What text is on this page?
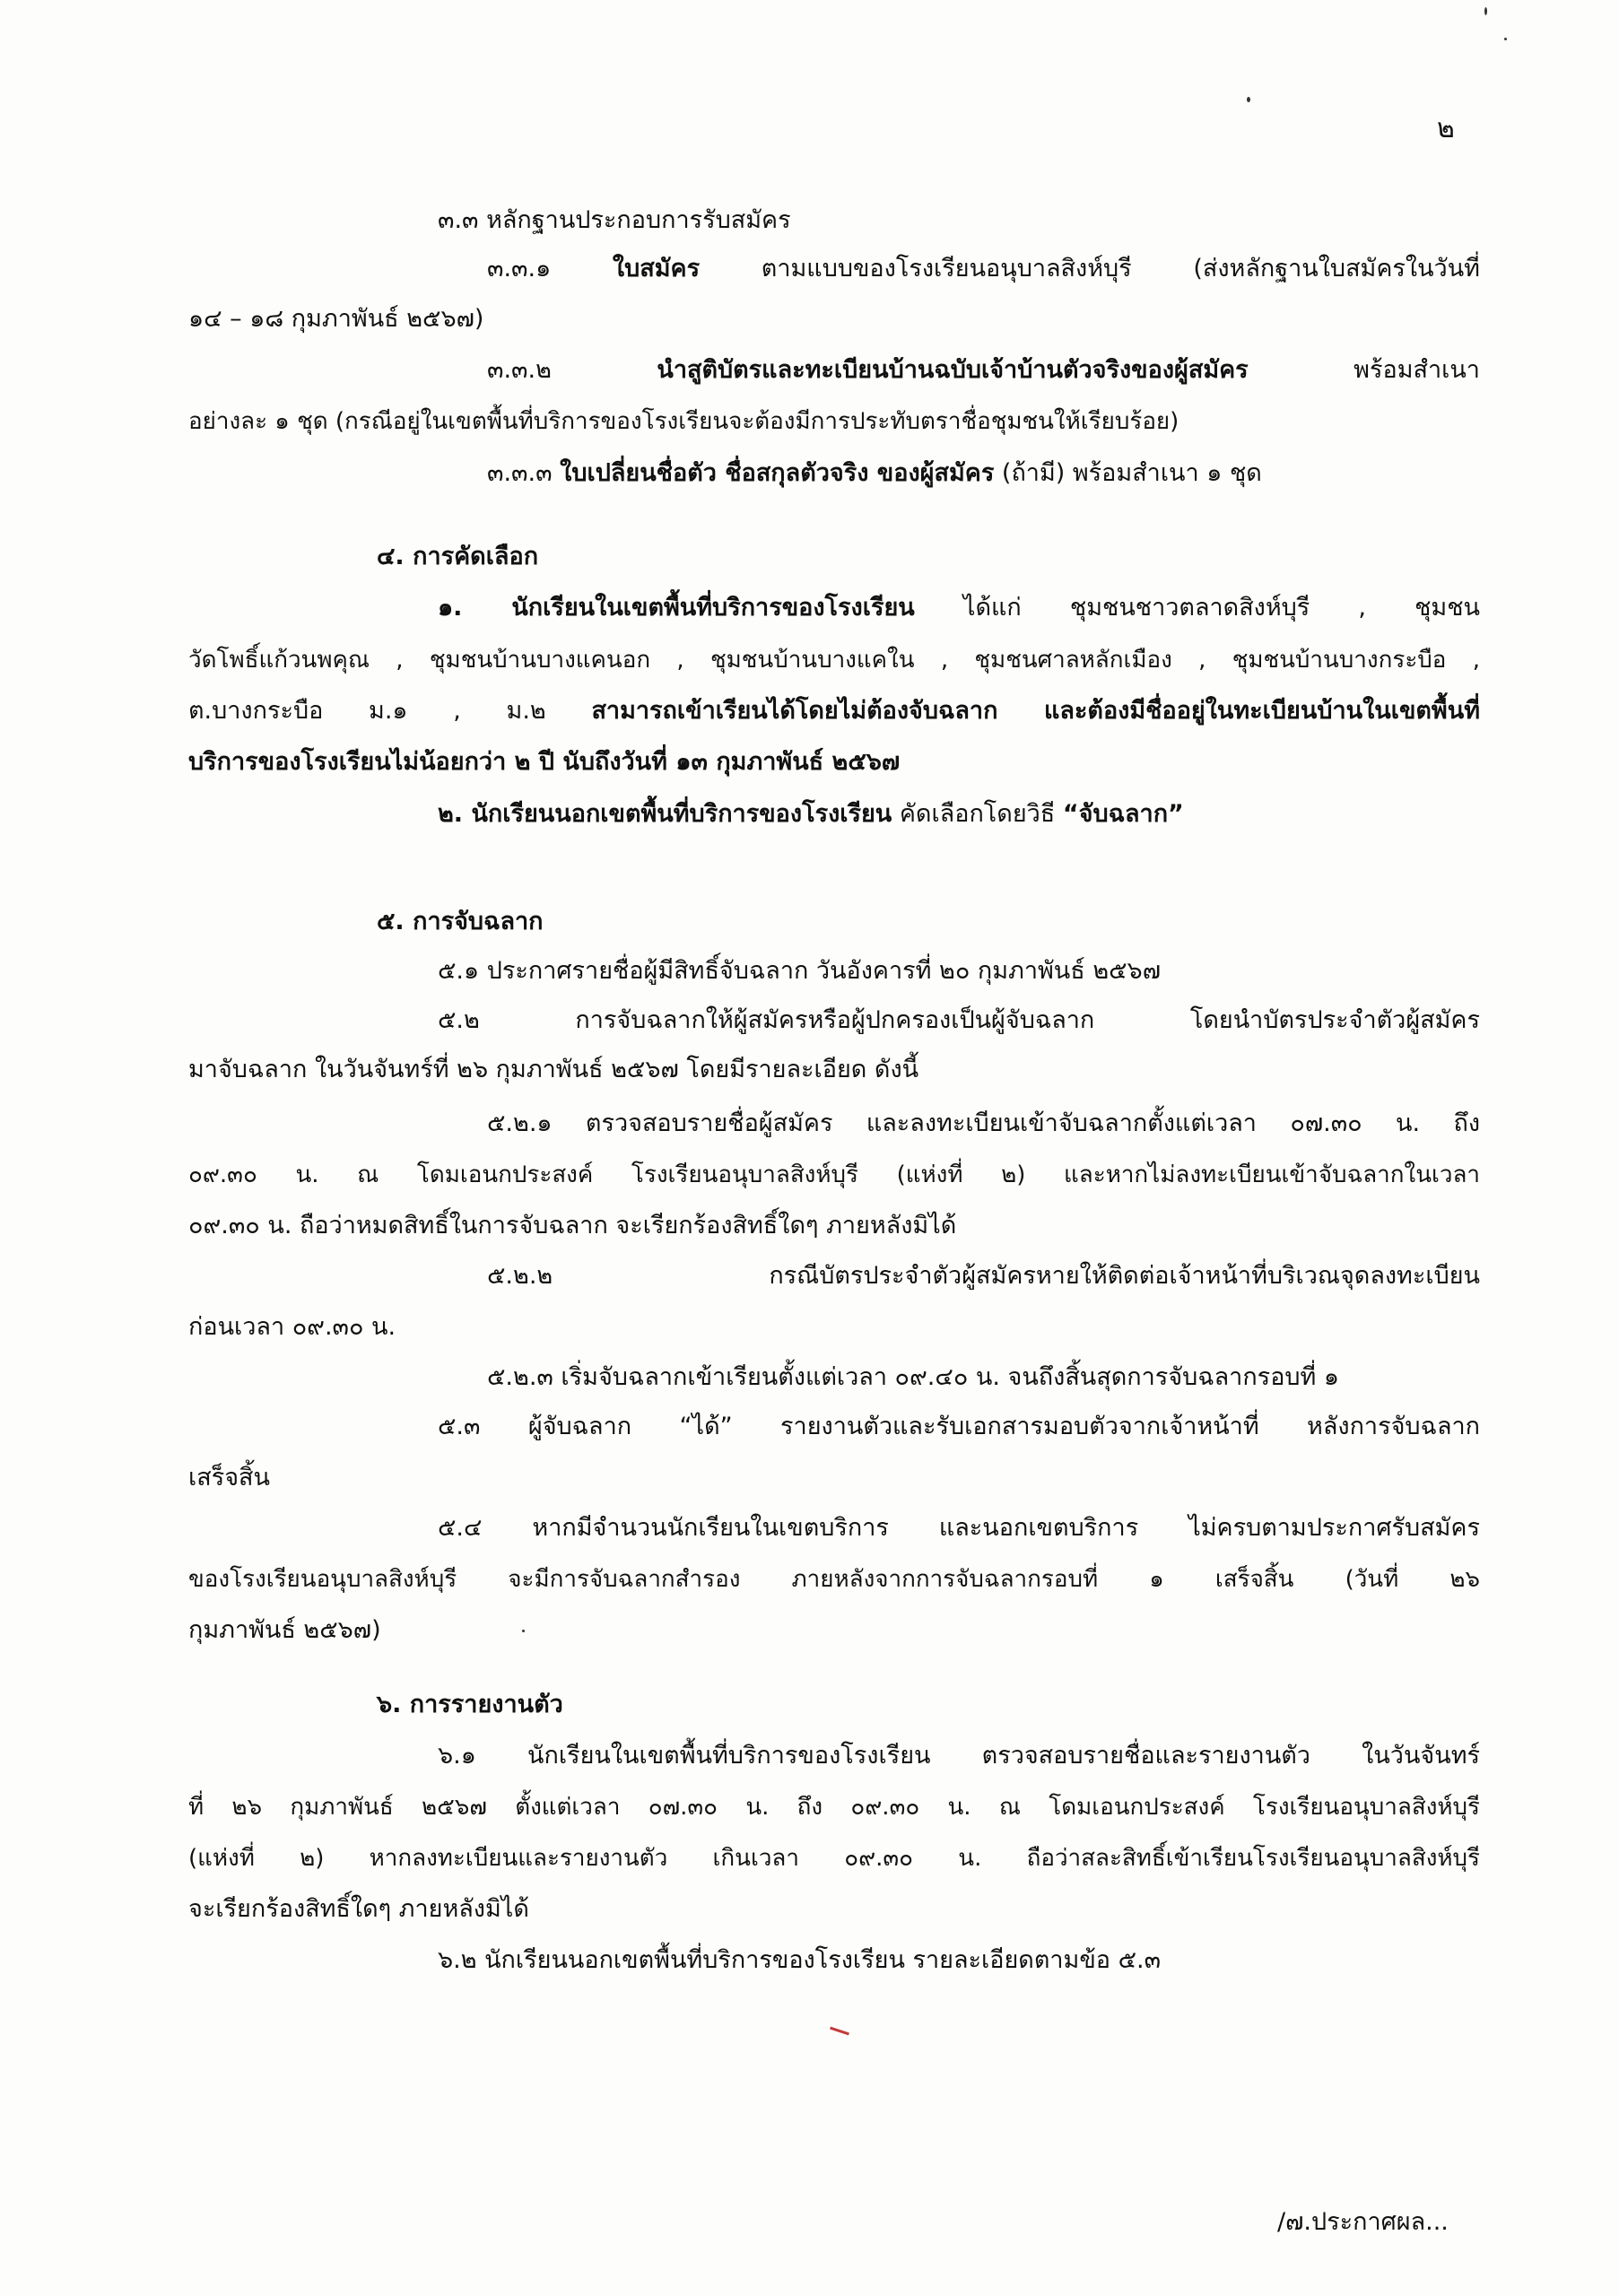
๒
๓.๓ หลักฐานประกอบการรับสมัคร
๓.๓.๑	ใบสมัคร	ตามแบบของโรงเรียนอนุบาลสิงห์บุรี (ส่งหลักฐานใบสมัครในวันที่
๑๔ – ๑๘ กุมภาพันธ์ ๒๕๖๗)
๓.๓.๒	นำสูติบัตรและทะเบียนบ้านฉบับเจ้าบ้านตัวจริงของผู้สมัคร	พร้อมสำเนา
อย่างละ ๑ ชุด (กรณีอยู่ในเขตพื้นที่บริการของโรงเรียนจะต้องมีการประทับตราชื่อชุมชนให้เรียบร้อย)
๓.๓.๓ ใบเปลี่ยนชื่อตัว ชื่อสกุลตัวจริง ของผู้สมัคร (ถ้ามี) พร้อมสำเนา ๑ ชุด
๔. การคัดเลือก
๑. นักเรียนในเขตพื้นที่บริการของโรงเรียน ได้แก่ ชุมชนชาวตลาดสิงห์บุรี , ชุมชน
วัดโพธิ์แก้วนพคุณ , ชุมชนบ้านบางแคนอก , ชุมชนบ้านบางแคใน , ชุมชนศาลหลักเมือง , ชุมชนบ้านบางกระบือ ,
ต.บางกระบือ ม.๑ , ม.๒ สามารถเข้าเรียนได้โดยไม่ต้องจับฉลาก และต้องมีชื่ออยู่ในทะเบียนบ้านในเขตพื้นที่
บริการของโรงเรียนไม่น้อยกว่า ๒ ปี นับถึงวันที่ ๑๓ กุมภาพันธ์ ๒๕๖๗
๒. นักเรียนนอกเขตพื้นที่บริการของโรงเรียน คัดเลือกโดยวิธี “จับฉลาก”
๕. การจับฉลาก
๕.๑ ประกาศรายชื่อผู้มีสิทธิ์จับฉลาก วันอังคารที่ ๒๐ กุมภาพันธ์ ๒๕๖๗
๕.๒ การจับฉลากให้ผู้สมัครหรือผู้ปกครองเป็นผู้จับฉลาก โดยนำบัตรประจำตัวผู้สมัคร
มาจับฉลาก ในวันจันทร์ที่ ๒๖ กุมภาพันธ์ ๒๕๖๗ โดยมีรายละเอียด ดังนี้
๕.๒.๑ ตรวจสอบรายชื่อผู้สมัคร และลงทะเบียนเข้าจับฉลากตั้งแต่เวลา ๐๗.๓๐ น. ถึง
๐๙.๓๐ น. ณ โดมเอนกประสงค์ โรงเรียนอนุบาลสิงห์บุรี (แห่งที่ ๒) และหากไม่ลงทะเบียนเข้าจับฉลากในเวลา
๐๙.๓๐ น. ถือว่าหมดสิทธิ์ในการจับฉลาก จะเรียกร้องสิทธิ์ใดๆ ภายหลังมิได้
๕.๒.๒ กรณีบัตรประจำตัวผู้สมัครหายให้ติดต่อเจ้าหน้าที่บริเวณจุดลงทะเบียน
ก่อนเวลา ๐๙.๓๐ น.
๕.๒.๓ เริ่มจับฉลากเข้าเรียนตั้งแต่เวลา ๐๙.๔๐ น. จนถึงสิ้นสุดการจับฉลากรอบที่ ๑
๕.๓ ผู้จับฉลาก “ได้” รายงานตัวและรับเอกสารมอบตัวจากเจ้าหน้าที่ หลังการจับฉลาก
เสร็จสิ้น
๕.๔ หากมีจำนวนนักเรียนในเขตบริการ และนอกเขตบริการ ไม่ครบตามประกาศรับสมัคร
ของโรงเรียนอนุบาลสิงห์บุรี จะมีการจับฉลากสำรอง ภายหลังจากการจับฉลากรอบที่ ๑ เสร็จสิ้น (วันที่ ๒๖
กุมภาพันธ์ ๒๕๖๗)
๖. การรายงานตัว
๖.๑ นักเรียนในเขตพื้นที่บริการของโรงเรียน ตรวจสอบรายชื่อและรายงานตัว ในวันจันทร์
ที่ ๒๖ กุมภาพันธ์ ๒๕๖๗ ตั้งแต่เวลา ๐๗.๓๐ น. ถึง ๐๙.๓๐ น. ณ โดมเอนกประสงค์ โรงเรียนอนุบาลสิงห์บุรี
(แห่งที่ ๒) หากลงทะเบียนและรายงานตัว เกินเวลา ๐๙.๓๐ น. ถือว่าสละสิทธิ์เข้าเรียนโรงเรียนอนุบาลสิงห์บุรี
จะเรียกร้องสิทธิ์ใดๆ ภายหลังมิได้
๖.๒ นักเรียนนอกเขตพื้นที่บริการของโรงเรียน รายละเอียดตามข้อ ๕.๓
/๗.ประกาศผล...
